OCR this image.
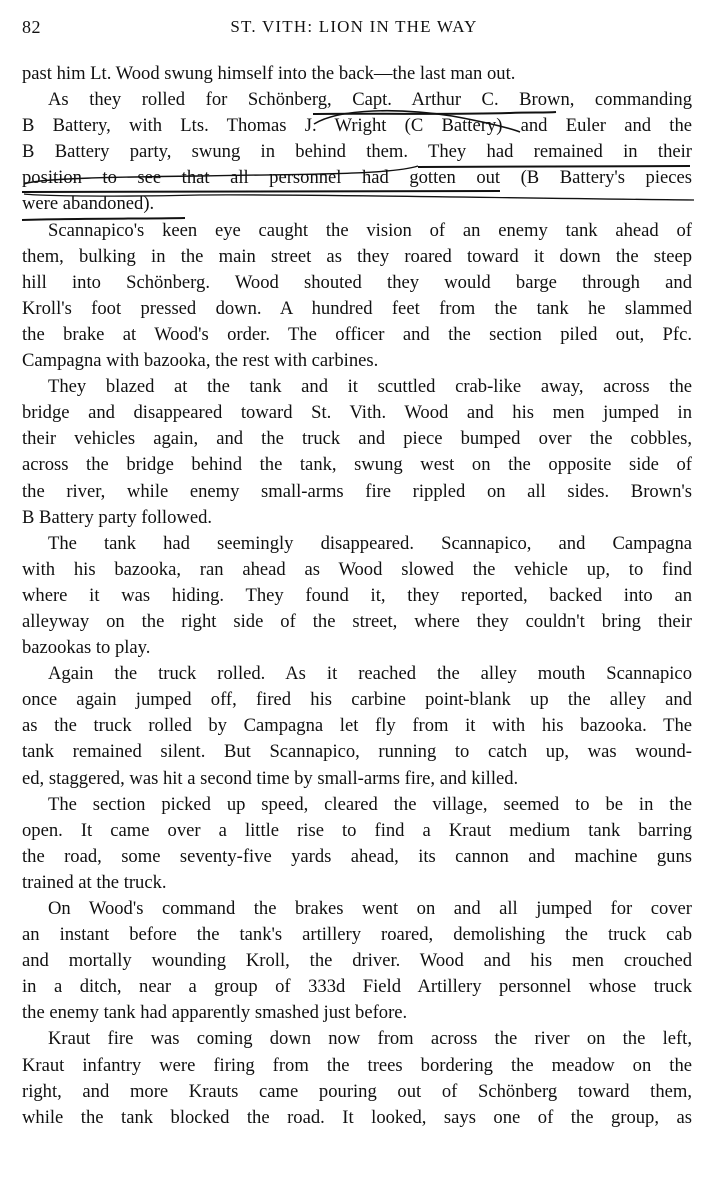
82	ST. VITH: LION IN THE WAY
past him Lt. Wood swung himself into the back—the last man out.
As they rolled for Schönberg, Capt. Arthur C. Brown, commanding
B Battery, with Lts. Thomas J. Wright (C Battery) and Euler and the
B Battery party, swung in behind them. They had remained in their
position to see that all personnel had gotten out (B Battery's pieces
were abandoned).
Scannapico's keen eye caught the vision of an enemy tank ahead of
them, bulking in the main street as they roared toward it down the steep
hill into Schönberg. Wood shouted they would barge through and
Kroll's foot pressed down. A hundred feet from the tank he slammed
the brake at Wood's order. The officer and the section piled out, Pfc.
Campagna with bazooka, the rest with carbines.
They blazed at the tank and it scuttled crab-like away, across the
bridge and disappeared toward St. Vith. Wood and his men jumped in
their vehicles again, and the truck and piece bumped over the cobbles,
across the bridge behind the tank, swung west on the opposite side of
the river, while enemy small-arms fire rippled on all sides. Brown's
B Battery party followed.
The tank had seemingly disappeared. Scannapico, and Campagna
with his bazooka, ran ahead as Wood slowed the vehicle up, to find
where it was hiding. They found it, they reported, backed into an
alleyway on the right side of the street, where they couldn't bring their
bazookas to play.
Again the truck rolled. As it reached the alley mouth Scannapico
once again jumped off, fired his carbine point-blank up the alley and
as the truck rolled by Campagna let fly from it with his bazooka. The
tank remained silent. But Scannapico, running to catch up, was wound-
ed, staggered, was hit a second time by small-arms fire, and killed.
The section picked up speed, cleared the village, seemed to be in the
open. It came over a little rise to find a Kraut medium tank barring
the road, some seventy-five yards ahead, its cannon and machine guns
trained at the truck.
On Wood's command the brakes went on and all jumped for cover
an instant before the tank's artillery roared, demolishing the truck cab
and mortally wounding Kroll, the driver. Wood and his men crouched
in a ditch, near a group of 333d Field Artillery personnel whose truck
the enemy tank had apparently smashed just before.
Kraut fire was coming down now from across the river on the left,
Kraut infantry were firing from the trees bordering the meadow on the
right, and more Krauts came pouring out of Schönberg toward them,
while the tank blocked the road. It looked, says one of the group, as
